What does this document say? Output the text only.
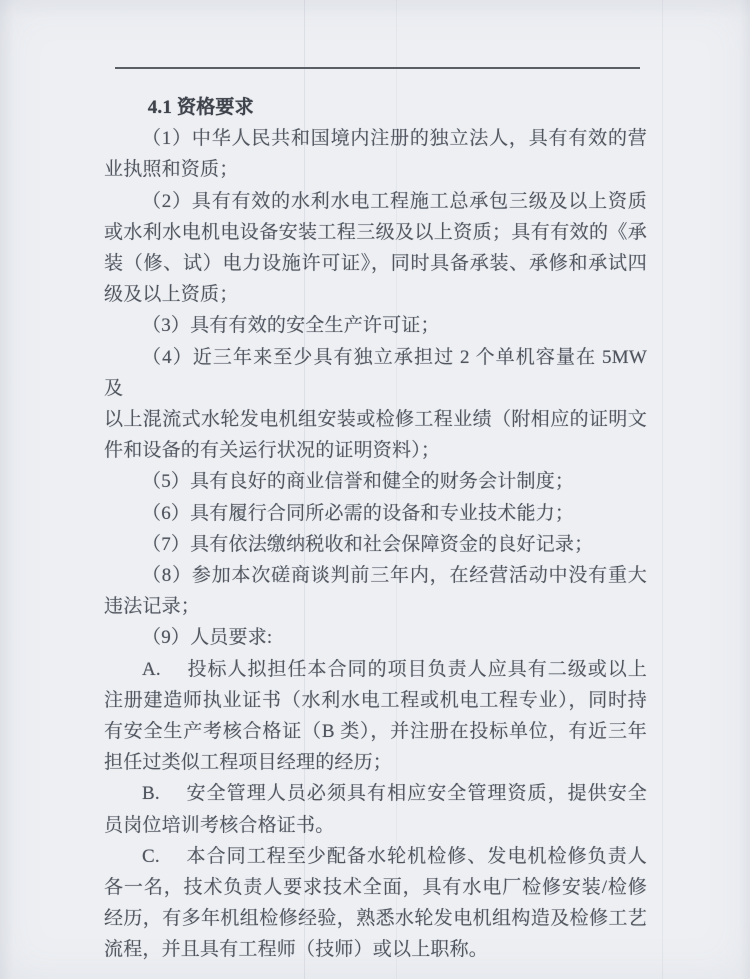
4.1 资格要求
（1）中华人民共和国境内注册的独立法人，具有有效的营
业执照和资质；
（2）具有有效的水利水电工程施工总承包三级及以上资质
或水利水电机电设备安装工程三级及以上资质；具有有效的《承
装（修、试）电力设施许可证》，同时具备承装、承修和承试四
级及以上资质；
（3）具有有效的安全生产许可证；
（4）近三年来至少具有独立承担过 2 个单机容量在 5MW 及
以上混流式水轮发电机组安装或检修工程业绩（附相应的证明文
件和设备的有关运行状况的证明资料）；
（5）具有良好的商业信誉和健全的财务会计制度；
（6）具有履行合同所必需的设备和专业技术能力；
（7）具有依法缴纳税收和社会保障资金的良好记录；
（8）参加本次磋商谈判前三年内，在经营活动中没有重大
违法记录；
（9）人员要求:
A.　 投标人拟担任本合同的项目负责人应具有二级或以上
注册建造师执业证书（水利水电工程或机电工程专业），同时持
有安全生产考核合格证（B 类），并注册在投标单位，有近三年
担任过类似工程项目经理的经历；
B.　 安全管理人员必须具有相应安全管理资质，提供安全
员岗位培训考核合格证书。
C.　 本合同工程至少配备水轮机检修、发电机检修负责人
各一名，技术负责人要求技术全面，具有水电厂检修安装/检修
经历，有多年机组检修经验，熟悉水轮发电机组构造及检修工艺
流程，并且具有工程师（技师）或以上职称。
